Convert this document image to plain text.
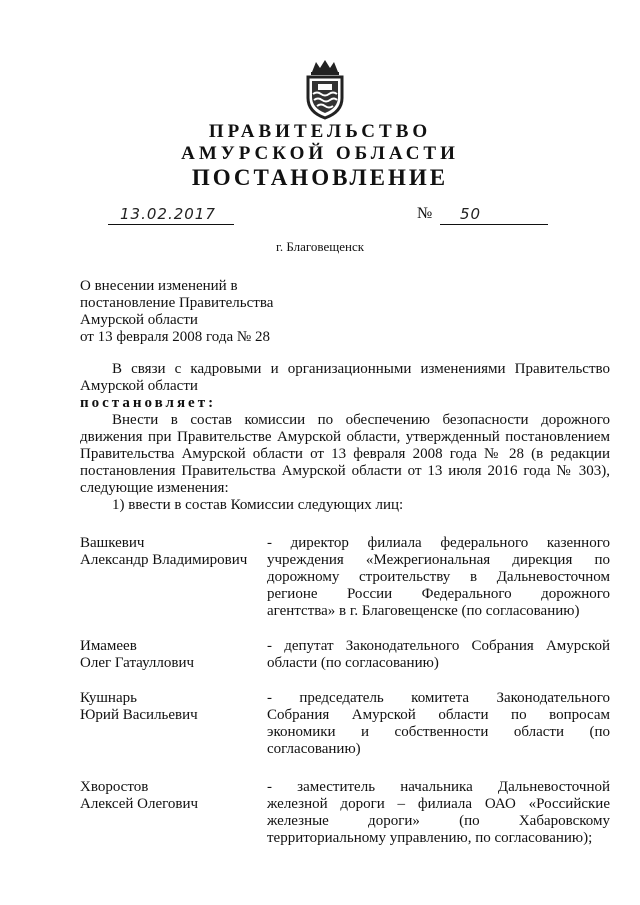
ПРАВИТЕЛЬСТВО
АМУРСКОЙ ОБЛАСТИ
ПОСТАНОВЛЕНИЕ
13.02.2017	№ 50
г. Благовещенск
О внесении изменений в
постановление Правительства
Амурской области
от 13 февраля 2008 года № 28

В связи с кадровыми и организационными изменениями Правительство Амурской области

постановляет:

Внести в состав комиссии по обеспечению безопасности дорожного движения при Правительстве Амурской области, утвержденный постановлением Правительства Амурской области от 13 февраля 2008 года № 28 (в редакции постановления Правительства Амурской области от 13 июля 2016 года № 303), следующие изменения:

1) ввести в состав Комиссии следующих лиц:

Вашкевич
Александр Владимирович
- директор филиала федерального казенного
учреждения «Межрегиональная дирекция по
дорожному строительству в Дальневосточном
регионе России Федерального дорожного
агентства» в г. Благовещенске (по согласованию)
Имамеев
Олег Гатауллович
- депутат Законодательного Собрания Амурской
области (по согласованию)
Кушнарь
Юрий Васильевич
- председатель комитета Законодательного
Собрания Амурской области по вопросам
экономики и собственности области (по
согласованию)
Хворостов
Алексей Олегович
- заместитель начальника Дальневосточной
железной дороги – филиала ОАО «Российские
железные дороги» (по Хабаровскому
территориальному управлению, по согласованию);
